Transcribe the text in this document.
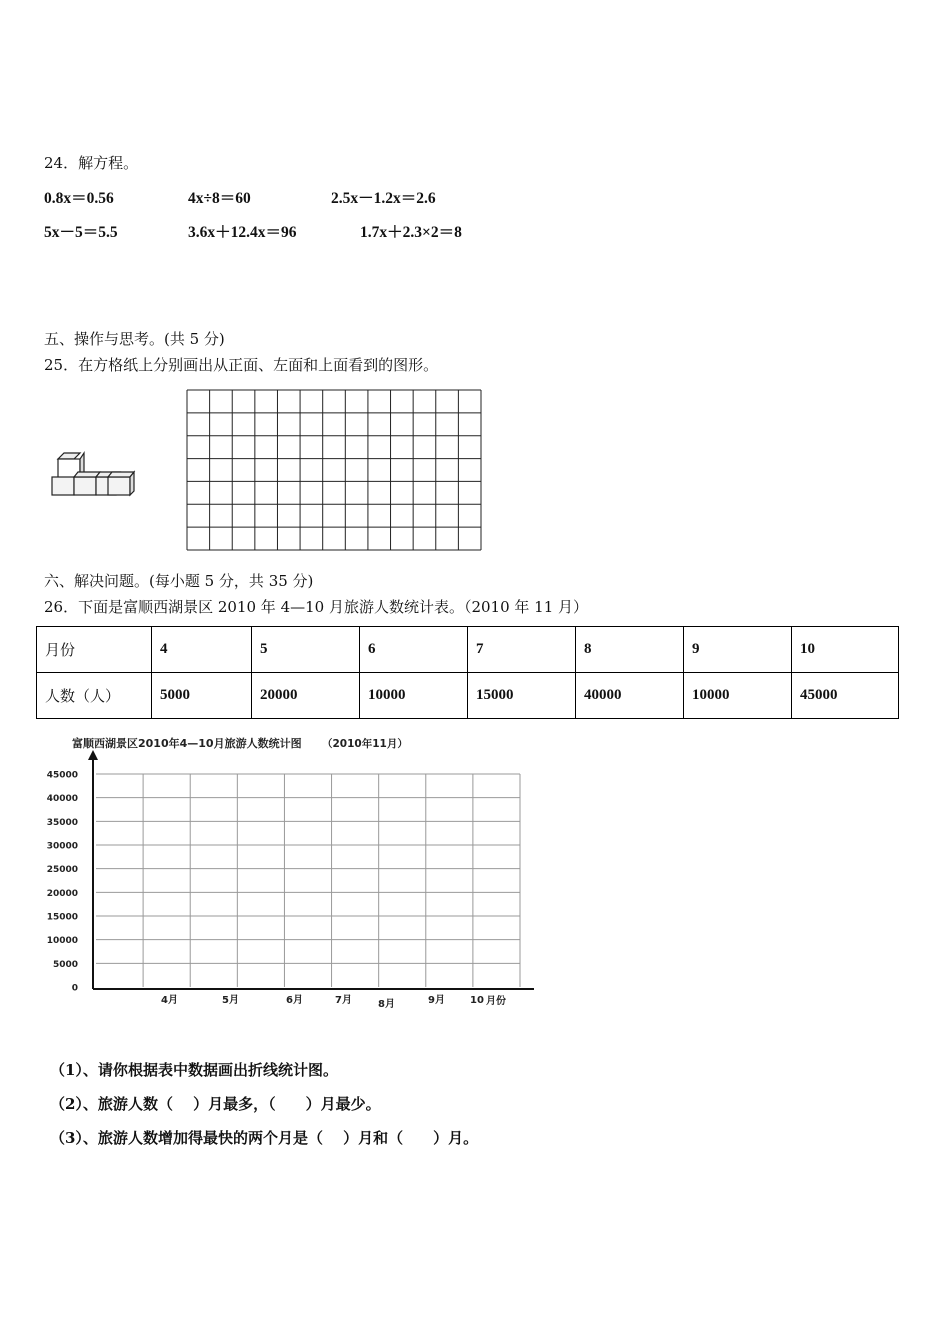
24．解方程。
0.8x＝0.56	4x÷8＝60	2.5x－1.2x＝2.6
5x－5＝5.5	3.6x＋12.4x＝96	1.7x＋2.3×2＝8
五、操作与思考。(共 5 分)
25．在方格纸上分别画出从正面、左面和上面看到的图形。
六、解决问题。(每小题 5 分，共 35 分)
26．下面是富顺西湖景区 2010 年 4—10 月旅游人数统计表。（2010 年 11 月）
月份	4	5	6	7	8	9	10
人数（人）	5000	20000	10000	15000	40000	10000	45000
富顺西湖景区2010年4—10月旅游人数统计图 （2010年11月）
45000
40000
35000
30000
25000
20000
15000
10000
5000
0
4月	5月	6月	7月	8月	9月	10 月份
（1）、请你根据表中数据画出折线统计图。
（2）、旅游人数（　 ）月最多，（　　）月最少。
（3）、旅游人数增加得最快的两个月是（　 ）月和（　　）月。
